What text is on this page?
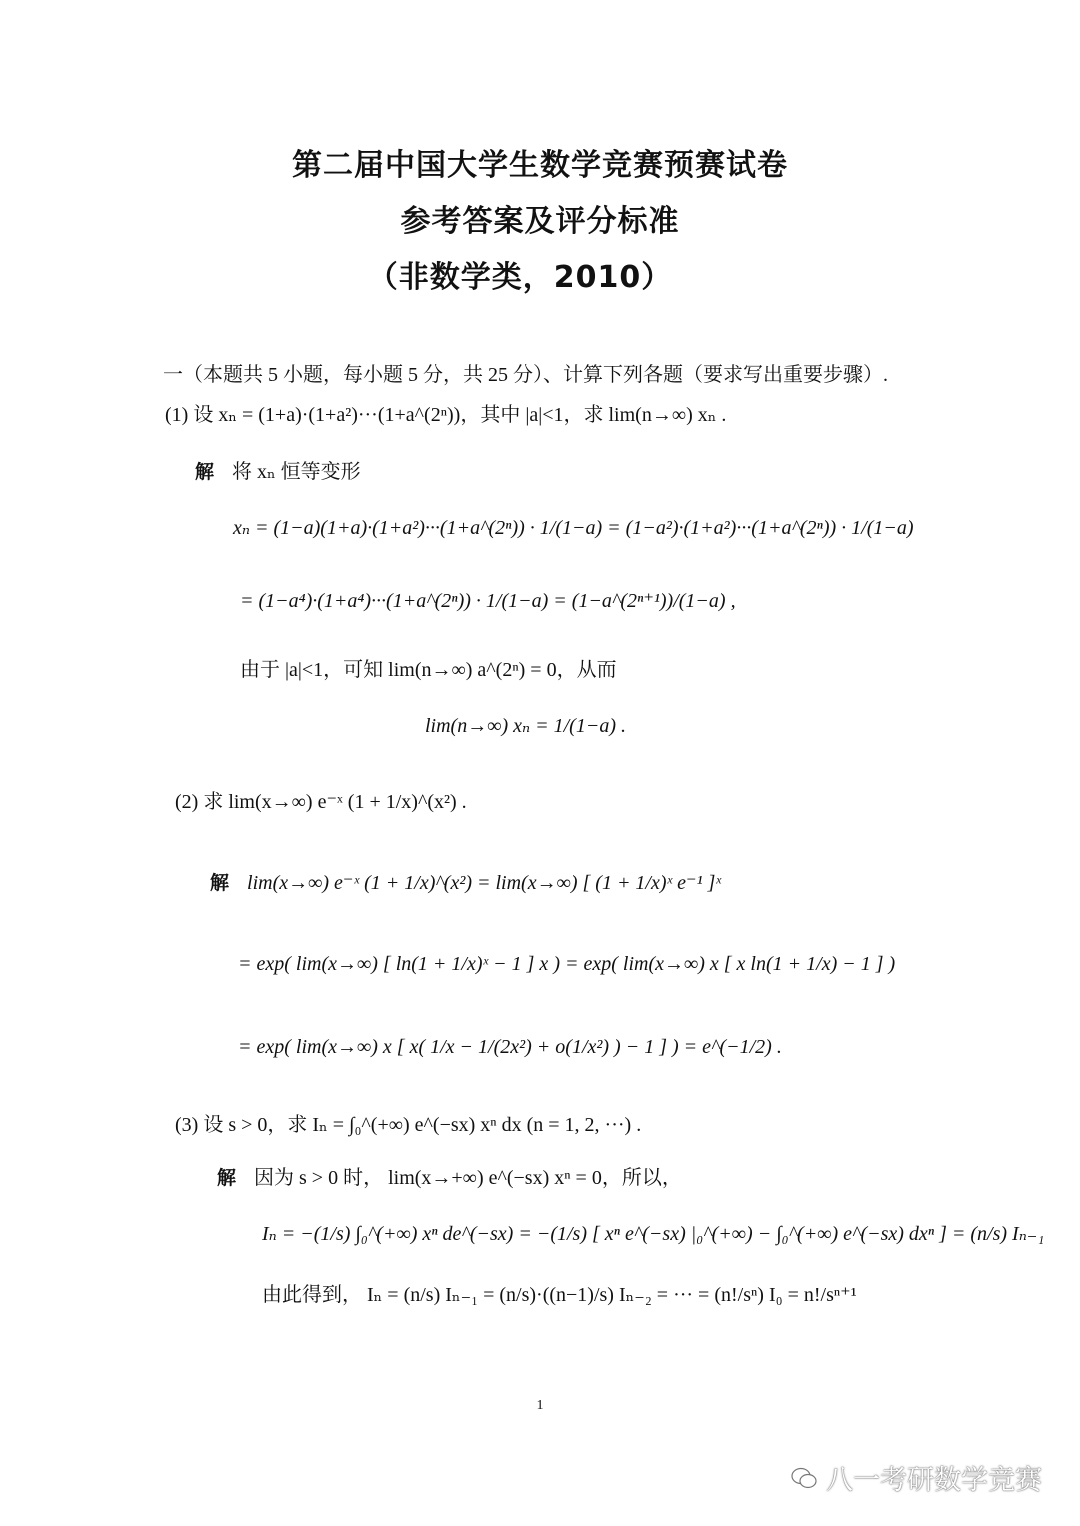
第二届中国大学生数学竞赛预赛试卷
参考答案及评分标准
（非数学类，2010）
一（本题共 5 小题，每小题 5 分，共 25 分）、计算下列各题（要求写出重要步骤）.
(1) 设 xₙ = (1+a)·(1+a²)···(1+a^(2ⁿ))，其中 |a|<1，求 lim(n→∞) xₙ .
解 将 xₙ 恒等变形
xₙ = (1−a)(1+a)·(1+a²)···(1+a^(2ⁿ)) · 1/(1−a) = (1−a²)·(1+a²)···(1+a^(2ⁿ)) · 1/(1−a)
= (1−a⁴)·(1+a⁴)···(1+a^(2ⁿ)) · 1/(1−a) = (1−a^(2ⁿ⁺¹))/(1−a) ,
由于 |a|<1，可知 lim(n→∞) a^(2ⁿ) = 0，从而
lim(n→∞) xₙ = 1/(1−a) .
(2) 求 lim(x→∞) e⁻ˣ (1 + 1/x)^(x²) .
解 lim(x→∞) e⁻ˣ (1 + 1/x)^(x²) = lim(x→∞) [ (1 + 1/x)ˣ e⁻¹ ]ˣ
= exp( lim(x→∞) [ ln(1 + 1/x)ˣ − 1 ] x ) = exp( lim(x→∞) x [ x ln(1 + 1/x) − 1 ] )
= exp( lim(x→∞) x [ x( 1/x − 1/(2x²) + o(1/x²) ) − 1 ] ) = e^(−1/2) .
(3) 设 s > 0，求 Iₙ = ∫₀^(+∞) e^(−sx) xⁿ dx (n = 1, 2, ···) .
解 因为 s > 0 时， lim(x→+∞) e^(−sx) xⁿ = 0，所以，
Iₙ = −(1/s) ∫₀^(+∞) xⁿ de^(−sx) = −(1/s) [ xⁿ e^(−sx) |₀^(+∞) − ∫₀^(+∞) e^(−sx) dxⁿ ] = (n/s) Iₙ₋₁
由此得到， Iₙ = (n/s) Iₙ₋₁ = (n/s)·((n−1)/s) Iₙ₋₂ = ··· = (n!/sⁿ) I₀ = n!/sⁿ⁺¹
1
八一考研数学竞赛
